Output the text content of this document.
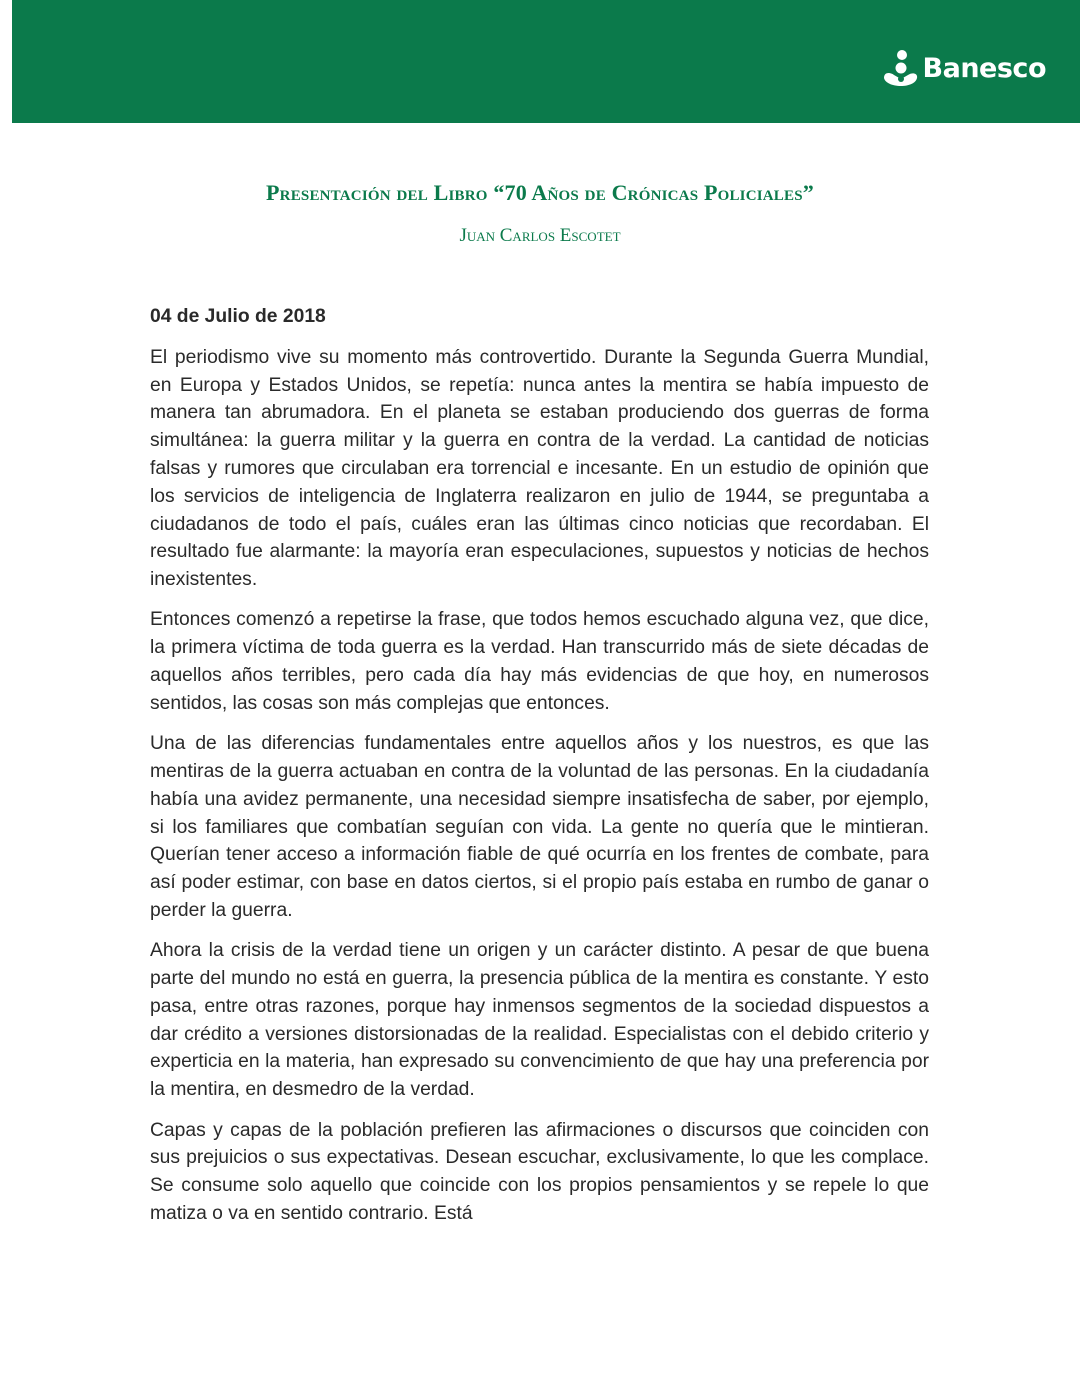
Banesco
Presentación del Libro “70 Años de Crónicas Policiales”
Juan Carlos Escotet

04 de Julio de 2018

El periodismo vive su momento más controvertido. Durante la Segunda Guerra Mundial, en Europa y Estados Unidos, se repetía: nunca antes la mentira se había impuesto de manera tan abrumadora. En el planeta se estaban produciendo dos guerras de forma simultánea: la guerra militar y la guerra en contra de la verdad. La cantidad de noticias falsas y rumores que circulaban era torrencial e incesante. En un estudio de opinión que los servicios de inteligencia de Inglaterra realizaron en julio de 1944, se preguntaba a ciudadanos de todo el país, cuáles eran las últimas cinco noticias que recordaban. El resultado fue alarmante: la mayoría eran especulaciones, supuestos y noticias de hechos inexistentes.

Entonces comenzó a repetirse la frase, que todos hemos escuchado alguna vez, que dice, la primera víctima de toda guerra es la verdad. Han transcurrido más de siete décadas de aquellos años terribles, pero cada día hay más evidencias de que hoy, en numerosos sentidos, las cosas son más complejas que entonces.

Una de las diferencias fundamentales entre aquellos años y los nuestros, es que las mentiras de la guerra actuaban en contra de la voluntad de las personas. En la ciudadanía había una avidez permanente, una necesidad siempre insatisfecha de saber, por ejemplo, si los familiares que combatían seguían con vida. La gente no quería que le mintieran. Querían tener acceso a información fiable de qué ocurría en los frentes de combate, para así poder estimar, con base en datos ciertos, si el propio país estaba en rumbo de ganar o perder la guerra.

Ahora la crisis de la verdad tiene un origen y un carácter distinto. A pesar de que buena parte del mundo no está en guerra, la presencia pública de la mentira es constante. Y esto pasa, entre otras razones, porque hay inmensos segmentos de la sociedad dispuestos a dar crédito a versiones distorsionadas de la realidad. Especialistas con el debido criterio y experticia en la materia, han expresado su convencimiento de que hay una preferencia por la mentira, en desmedro de la verdad.

Capas y capas de la población prefieren las afirmaciones o discursos que coinciden con sus prejuicios o sus expectativas. Desean escuchar, exclusivamente, lo que les complace. Se consume solo aquello que coincide con los propios pensamientos y se repele lo que matiza o va en sentido contrario. Está
